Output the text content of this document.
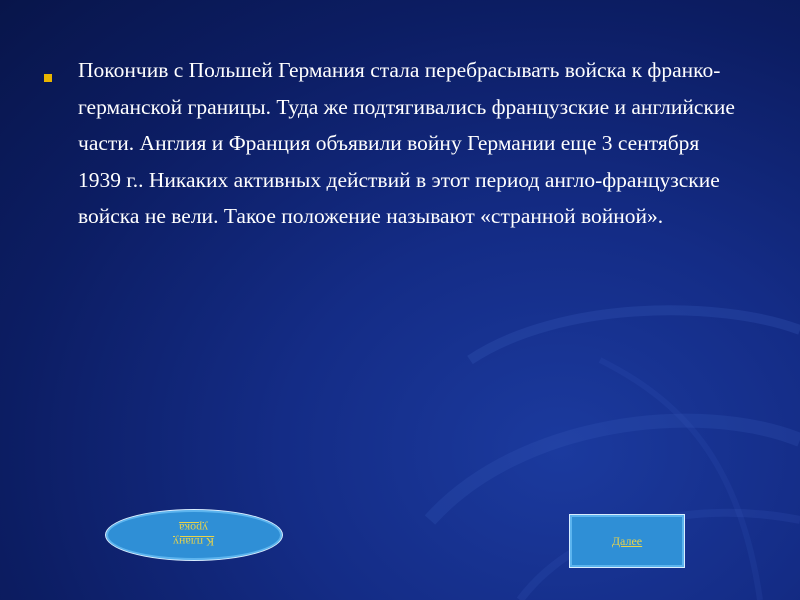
Покончив с Польшей Германия стала перебрасывать войска к франко-германской границы. Туда же подтягивались французские и английские части. Англия и Франция объявили войну Германии еще 3 сентября 1939 г.. Никаких активных действий в этот период англо-французские войска не вели. Такое положение называют «странной войной».
К плану
урока
Далее
